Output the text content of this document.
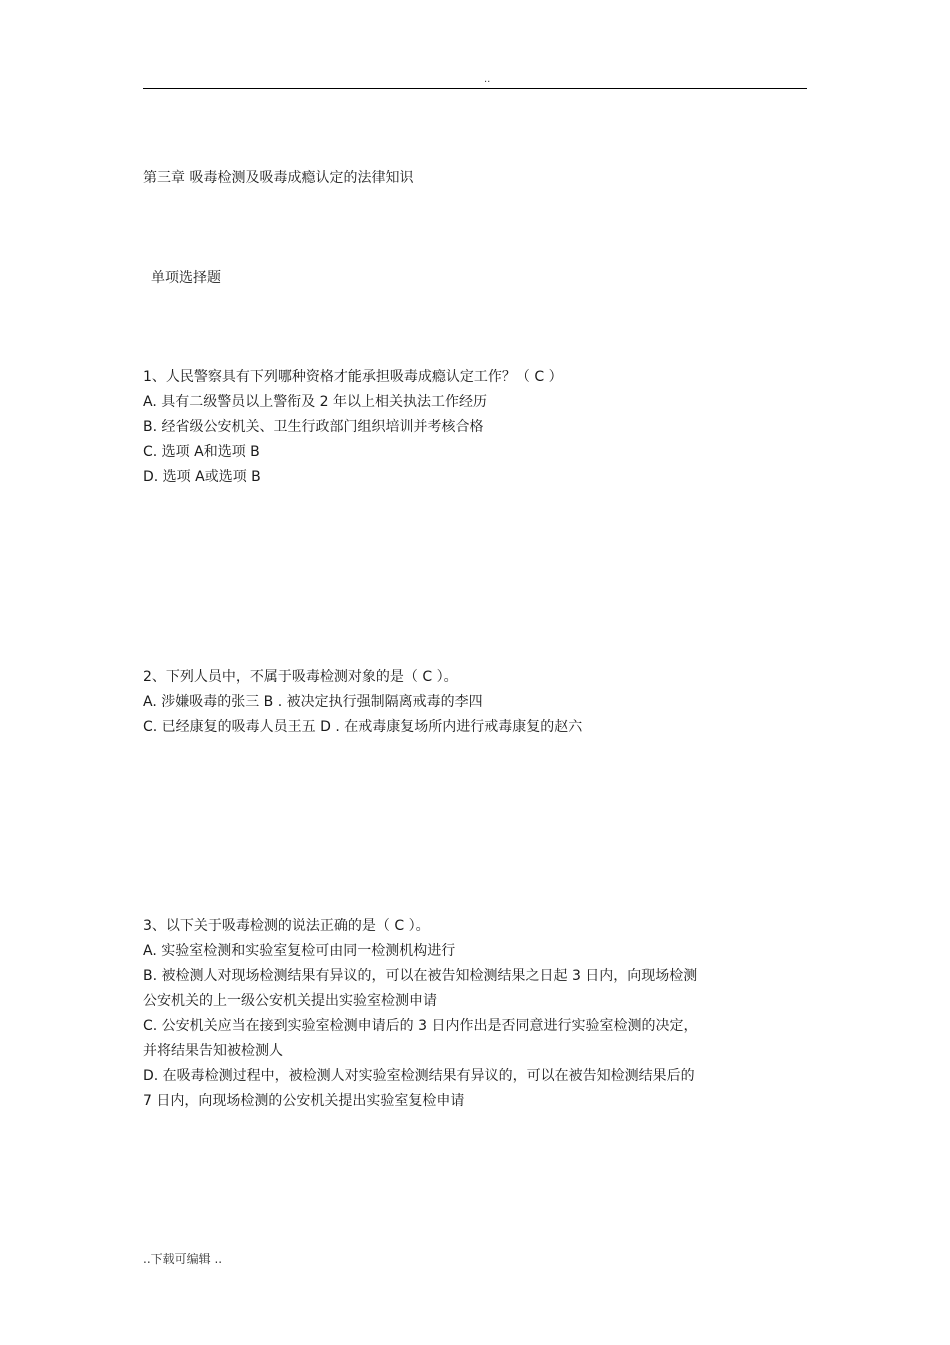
..
第三章 吸毒检测及吸毒成瘾认定的法律知识
单项选择题
1、人民警察具有下列哪种资格才能承担吸毒成瘾认定工作？（ C ）
A. 具有二级警员以上警衔及 2 年以上相关执法工作经历
B. 经省级公安机关、卫生行政部门组织培训并考核合格
C. 选项 A和选项 B
D. 选项 A或选项 B
2、下列人员中，不属于吸毒检测对象的是（ C ）。
A. 涉嫌吸毒的张三 B . 被决定执行强制隔离戒毒的李四
C. 已经康复的吸毒人员王五 D . 在戒毒康复场所内进行戒毒康复的赵六
3、以下关于吸毒检测的说法正确的是（ C ）。
A. 实验室检测和实验室复检可由同一检测机构进行
B. 被检测人对现场检测结果有异议的，可以在被告知检测结果之日起 3 日内，向现场检测
公安机关的上一级公安机关提出实验室检测申请
C. 公安机关应当在接到实验室检测申请后的 3 日内作出是否同意进行实验室检测的决定，
并将结果告知被检测人
D. 在吸毒检测过程中，被检测人对实验室检测结果有异议的，可以在被告知检测结果后的
7 日内，向现场检测的公安机关提出实验室复检申请
..下载可编辑 ..
